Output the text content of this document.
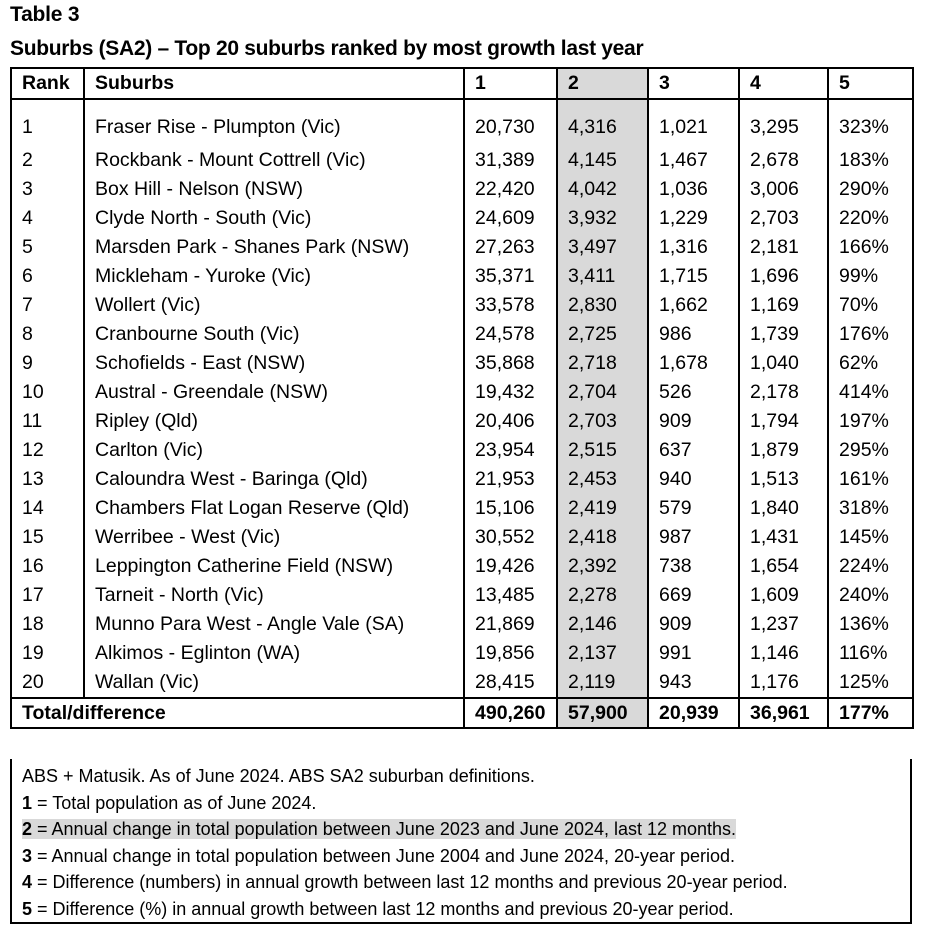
Table 3
Suburbs (SA2) – Top 20 suburbs ranked by most growth last year
Rank	Suburbs	1	2	3	4	5
1	Fraser Rise - Plumpton (Vic)	20,730	4,316	1,021	3,295	323%
2	Rockbank - Mount Cottrell (Vic)	31,389	4,145	1,467	2,678	183%
3	Box Hill - Nelson (NSW)	22,420	4,042	1,036	3,006	290%
4	Clyde North - South (Vic)	24,609	3,932	1,229	2,703	220%
5	Marsden Park - Shanes Park (NSW)	27,263	3,497	1,316	2,181	166%
6	Mickleham - Yuroke (Vic)	35,371	3,411	1,715	1,696	99%
7	Wollert (Vic)	33,578	2,830	1,662	1,169	70%
8	Cranbourne South (Vic)	24,578	2,725	986	1,739	176%
9	Schofields - East (NSW)	35,868	2,718	1,678	1,040	62%
10	Austral - Greendale (NSW)	19,432	2,704	526	2,178	414%
11	Ripley (Qld)	20,406	2,703	909	1,794	197%
12	Carlton (Vic)	23,954	2,515	637	1,879	295%
13	Caloundra West - Baringa (Qld)	21,953	2,453	940	1,513	161%
14	Chambers Flat Logan Reserve (Qld)	15,106	2,419	579	1,840	318%
15	Werribee - West (Vic)	30,552	2,418	987	1,431	145%
16	Leppington Catherine Field (NSW)	19,426	2,392	738	1,654	224%
17	Tarneit - North (Vic)	13,485	2,278	669	1,609	240%
18	Munno Para West - Angle Vale (SA)	21,869	2,146	909	1,237	136%
19	Alkimos - Eglinton (WA)	19,856	2,137	991	1,146	116%
20	Wallan (Vic)	28,415	2,119	943	1,176	125%
Total/difference		490,260	57,900	20,939	36,961	177%
ABS + Matusik. As of June 2024. ABS SA2 suburban definitions.
1 = Total population as of June 2024.
2 = Annual change in total population between June 2023 and June 2024, last 12 months.
3 = Annual change in total population between June 2004 and June 2024, 20-year period.
4 = Difference (numbers) in annual growth between last 12 months and previous 20-year period.
5 = Difference (%) in annual growth between last 12 months and previous 20-year period.
